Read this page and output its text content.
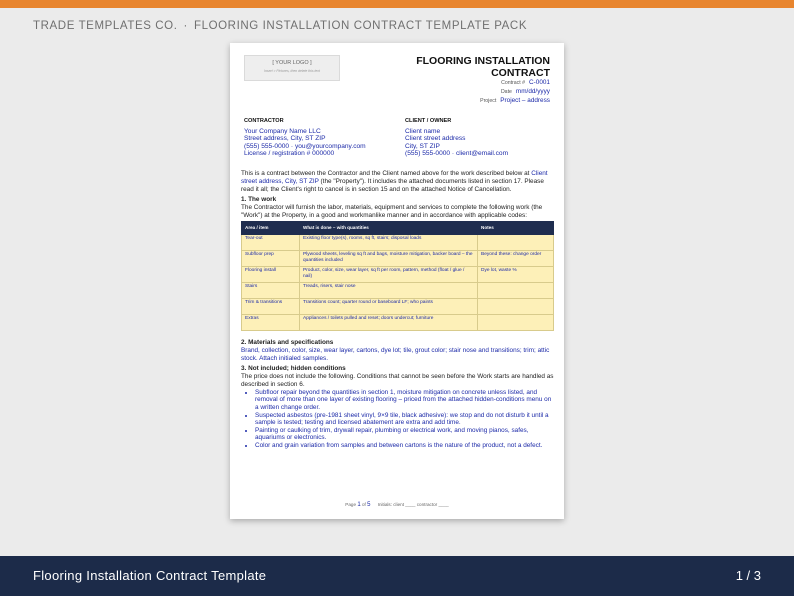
TRADE TEMPLATES CO. · FLOORING INSTALLATION CONTRACT TEMPLATE PACK
[ YOUR LOGO ]
Insert > Pictures, then delete this text
FLOORING INSTALLATION
CONTRACT
Contract # C-0001
Date mm/dd/yyyy
Project Project – address
CONTRACTOR
Your Company Name LLC
Street address, City, ST ZIP
(555) 555-0000 · you@yourcompany.com
License / registration # 000000
CLIENT / OWNER
Client name
Client street address
City, ST ZIP
(555) 555-0000 · client@email.com

This is a contract between the Contractor and the Client named above for the work described below at Client street address, City, ST ZIP (the "Property"). It includes the attached documents listed in section 17. Please read it all; the Client's right to cancel is in section 15 and on the attached Notice of Cancellation.

1. The work

The Contractor will furnish the labor, materials, equipment and services to complete the following work (the "Work") at the Property, in a good and workmanlike manner and in accordance with applicable codes:

Area / item	What is done – with quantities	Notes
Tear-out	Existing floor type(s), rooms, sq ft, stairs; disposal loads	
Subfloor prep	Plywood sheets, leveling sq ft and bags, moisture mitigation, backer board – the quantities included	Beyond these: change order
Flooring install	Product, color, size, wear layer, sq ft per room, pattern, method (float / glue / nail)	Dye lot, waste %
Stairs	Treads, risers, stair nose	
Trim & transitions	Transitions count; quarter round or baseboard LF; who paints	
Extras	Appliances / toilets pulled and reset; doors undercut; furniture	
2. Materials and specifications

Brand, collection, color, size, wear layer, cartons, dye lot; tile, grout color; stair nose and transitions; trim; attic stock. Attach initialed samples.

3. Not included; hidden conditions

The price does not include the following. Conditions that cannot be seen before the Work starts are handled as described in section 6.

• Subfloor repair beyond the quantities in section 1, moisture mitigation on concrete unless listed, and removal of more than one layer of existing flooring – priced from the attached hidden-conditions menu on a written change order.
• Suspected asbestos (pre-1981 sheet vinyl, 9×9 tile, black adhesive): we stop and do not disturb it until a sample is tested; testing and licensed abatement are extra and add time.
• Painting or caulking of trim, drywall repair, plumbing or electrical work, and moving pianos, safes, aquariums or electronics.
• Color and grain variation from samples and between cartons is the nature of the product, not a defect.
Page 1 of 5 Initials: client ____ contractor ____
Flooring Installation Contract Template	1 / 3
